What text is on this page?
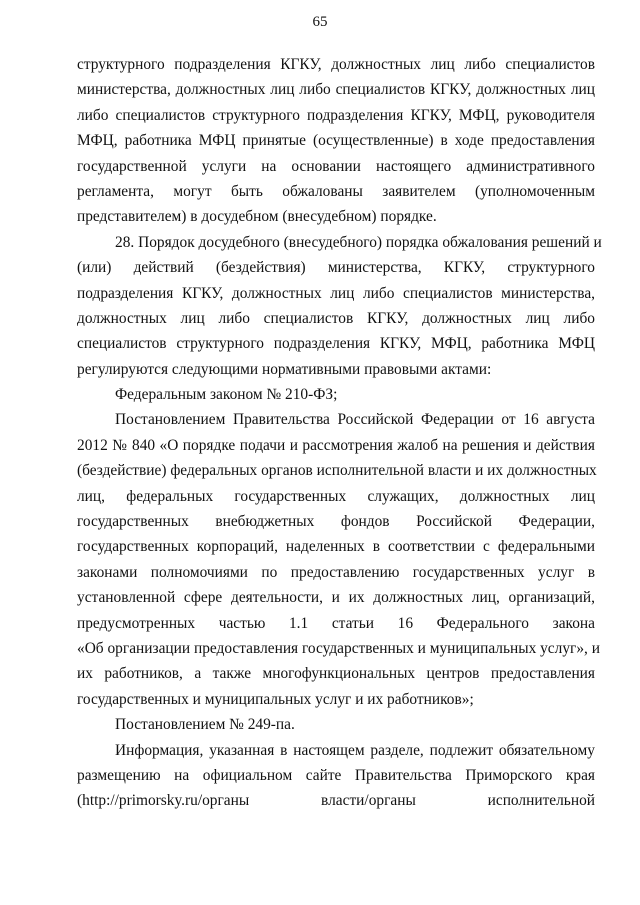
65
структурного подразделения КГКУ, должностных лиц либо специалистов
министерства, должностных лиц либо специалистов КГКУ, должностных лиц
либо специалистов структурного подразделения КГКУ, МФЦ, руководителя
МФЦ, работника МФЦ принятые (осуществленные) в ходе предоставления
государственной услуги на основании настоящего административного
регламента, могут быть обжалованы заявителем (уполномоченным
представителем) в досудебном (внесудебном) порядке.
28. Порядок досудебного (внесудебного) порядка обжалования решений и
(или) действий (бездействия) министерства, КГКУ, структурного
подразделения КГКУ, должностных лиц либо специалистов министерства,
должностных лиц либо специалистов КГКУ, должностных лиц либо
специалистов структурного подразделения КГКУ, МФЦ, работника МФЦ
регулируются следующими нормативными правовыми актами:
Федеральным законом № 210-ФЗ;
Постановлением Правительства Российской Федерации от 16 августа
2012 № 840 «О порядке подачи и рассмотрения жалоб на решения и действия
(бездействие) федеральных органов исполнительной власти и их должностных
лиц, федеральных государственных служащих, должностных лиц
государственных внебюджетных фондов Российской Федерации,
государственных корпораций, наделенных в соответствии с федеральными
законами полномочиями по предоставлению государственных услуг в
установленной сфере деятельности, и их должностных лиц, организаций,
предусмотренных частью 1.1 статьи 16 Федерального закона
«Об организации предоставления государственных и муниципальных услуг», и
их работников, а также многофункциональных центров предоставления
государственных и муниципальных услуг и их работников»;
Постановлением № 249-па.
Информация, указанная в настоящем разделе, подлежит обязательному
размещению на официальном сайте Правительства Приморского края
(http://primorsky.ru/органы власти/органы исполнительной
